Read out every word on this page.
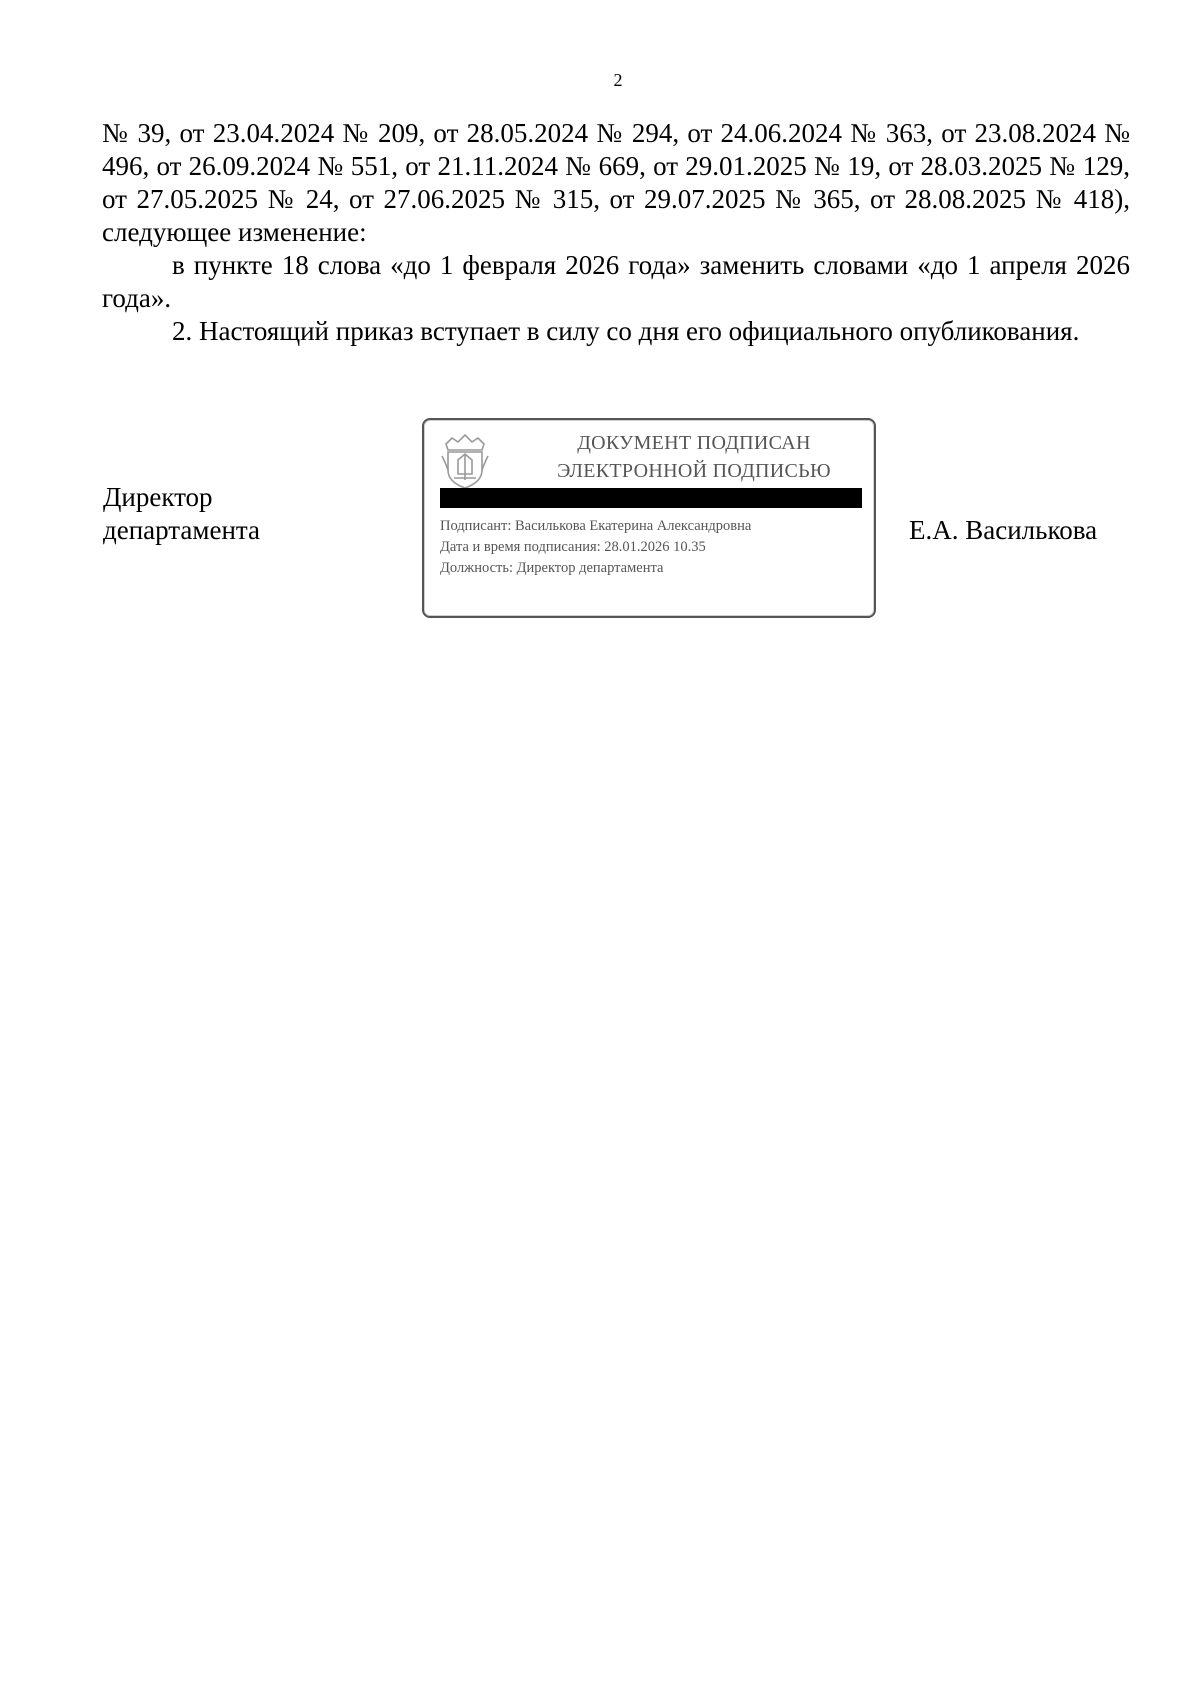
2

№ 39, от 23.04.2024 № 209, от 28.05.2024 № 294, от 24.06.2024 № 363, от 23.08.2024 № 496, от 26.09.2024 № 551, от 21.11.2024 № 669, от 29.01.2025 № 19, от 28.03.2025 № 129, от 27.05.2025 № 24, от 27.06.2025 № 315, от 29.07.2025 № 365, от 28.08.2025 № 418), следующее изменение:

в пункте 18 слова «до 1 февраля 2026 года» заменить словами «до 1 апреля 2026 года».

2. Настоящий приказ вступает в силу со дня его официального опубликования.

Директор
департамента
ДОКУМЕНТ ПОДПИСАН
ЭЛЕКТРОННОЙ ПОДПИСЬЮ
Подписант: Василькова Екатерина Александровна
Дата и время подписания: 28.01.2026 10.35
Должность: Директор департамента
Е.А. Василькова
